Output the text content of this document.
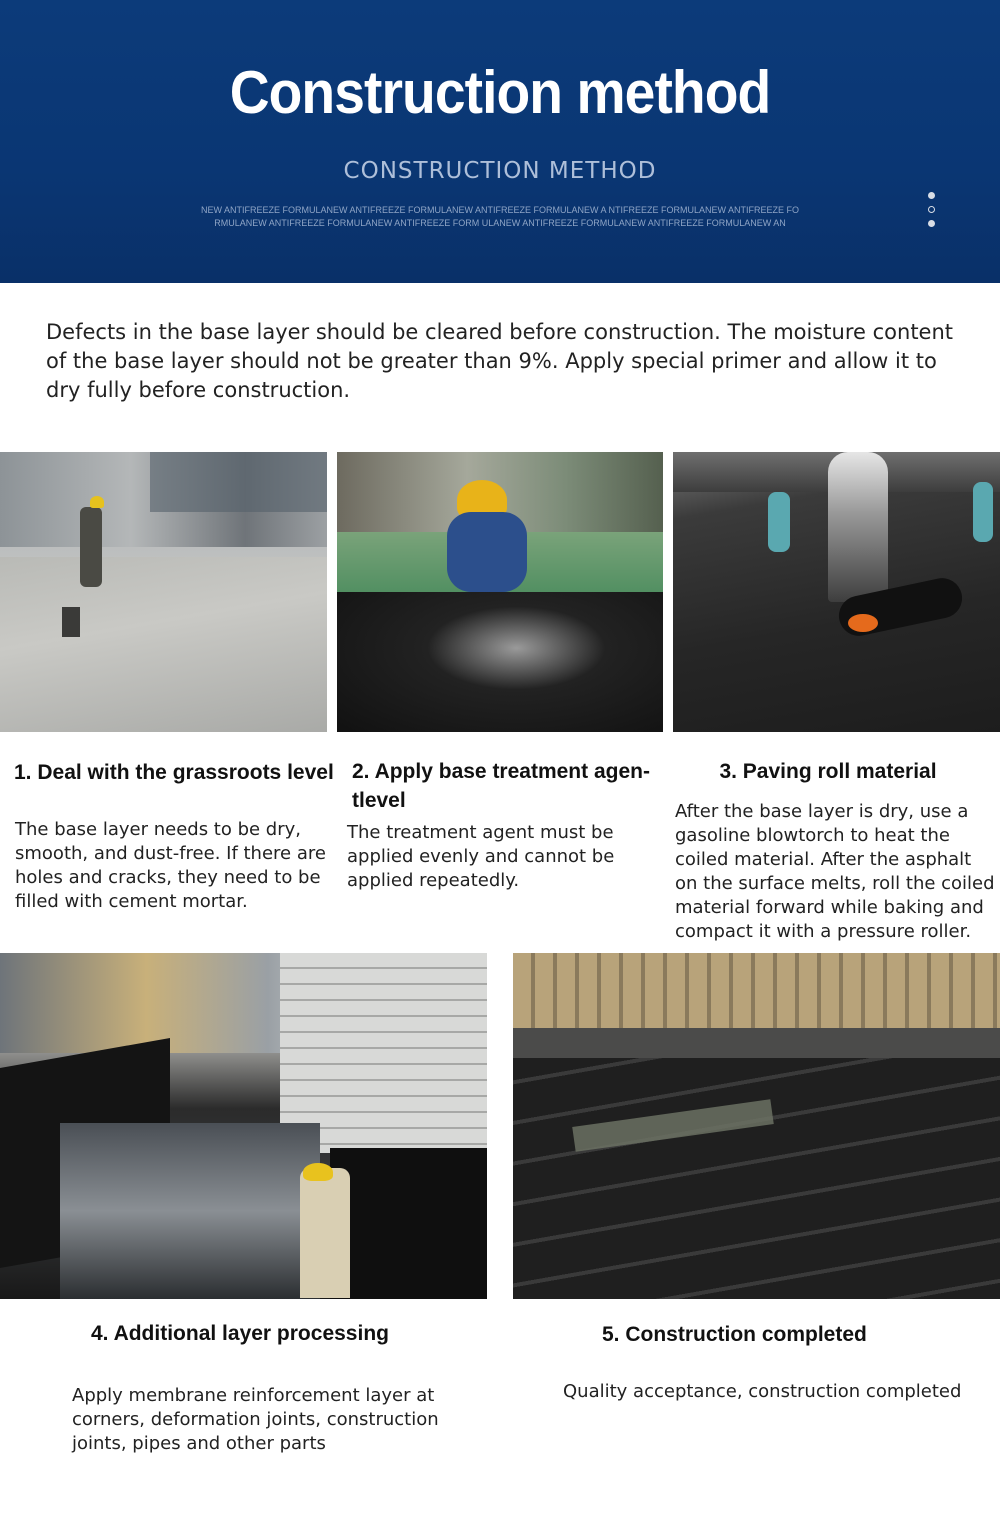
Construction method
CONSTRUCTION METHOD
NEW ANTIFREEZE FORMULANEW ANTIFREEZE FORMULANEW ANTIFREEZE FORMULANEW A NTIFREEZE FORMULANEW ANTIFREEZE FORMULANEW ANTIFREEZE FORMULANEW ANTIFREEZE FORM ULANEW ANTIFREEZE FORMULANEW ANTIFREEZE FORMULANEW AN
Defects in the base layer should be cleared before construction. The moisture content of the base layer should not be greater than 9%. Apply special primer and allow it to dry fully before construction.
1. Deal with the grassroots level
The base layer needs to be dry, smooth, and dust-free. If there are holes and cracks, they need to be filled with cement mortar.
2. Apply base treatment agen-tlevel
The treatment agent must be applied evenly and cannot be applied repeatedly.
3. Paving roll material
After the base layer is dry, use a gasoline blowtorch to heat the coiled material. After the asphalt on the surface melts, roll the coiled material forward while baking and compact it with a pressure roller.
4. Additional layer processing
Apply membrane reinforcement layer at corners, deformation joints, construction joints, pipes and other parts
5. Construction completed
Quality acceptance, construction completed
